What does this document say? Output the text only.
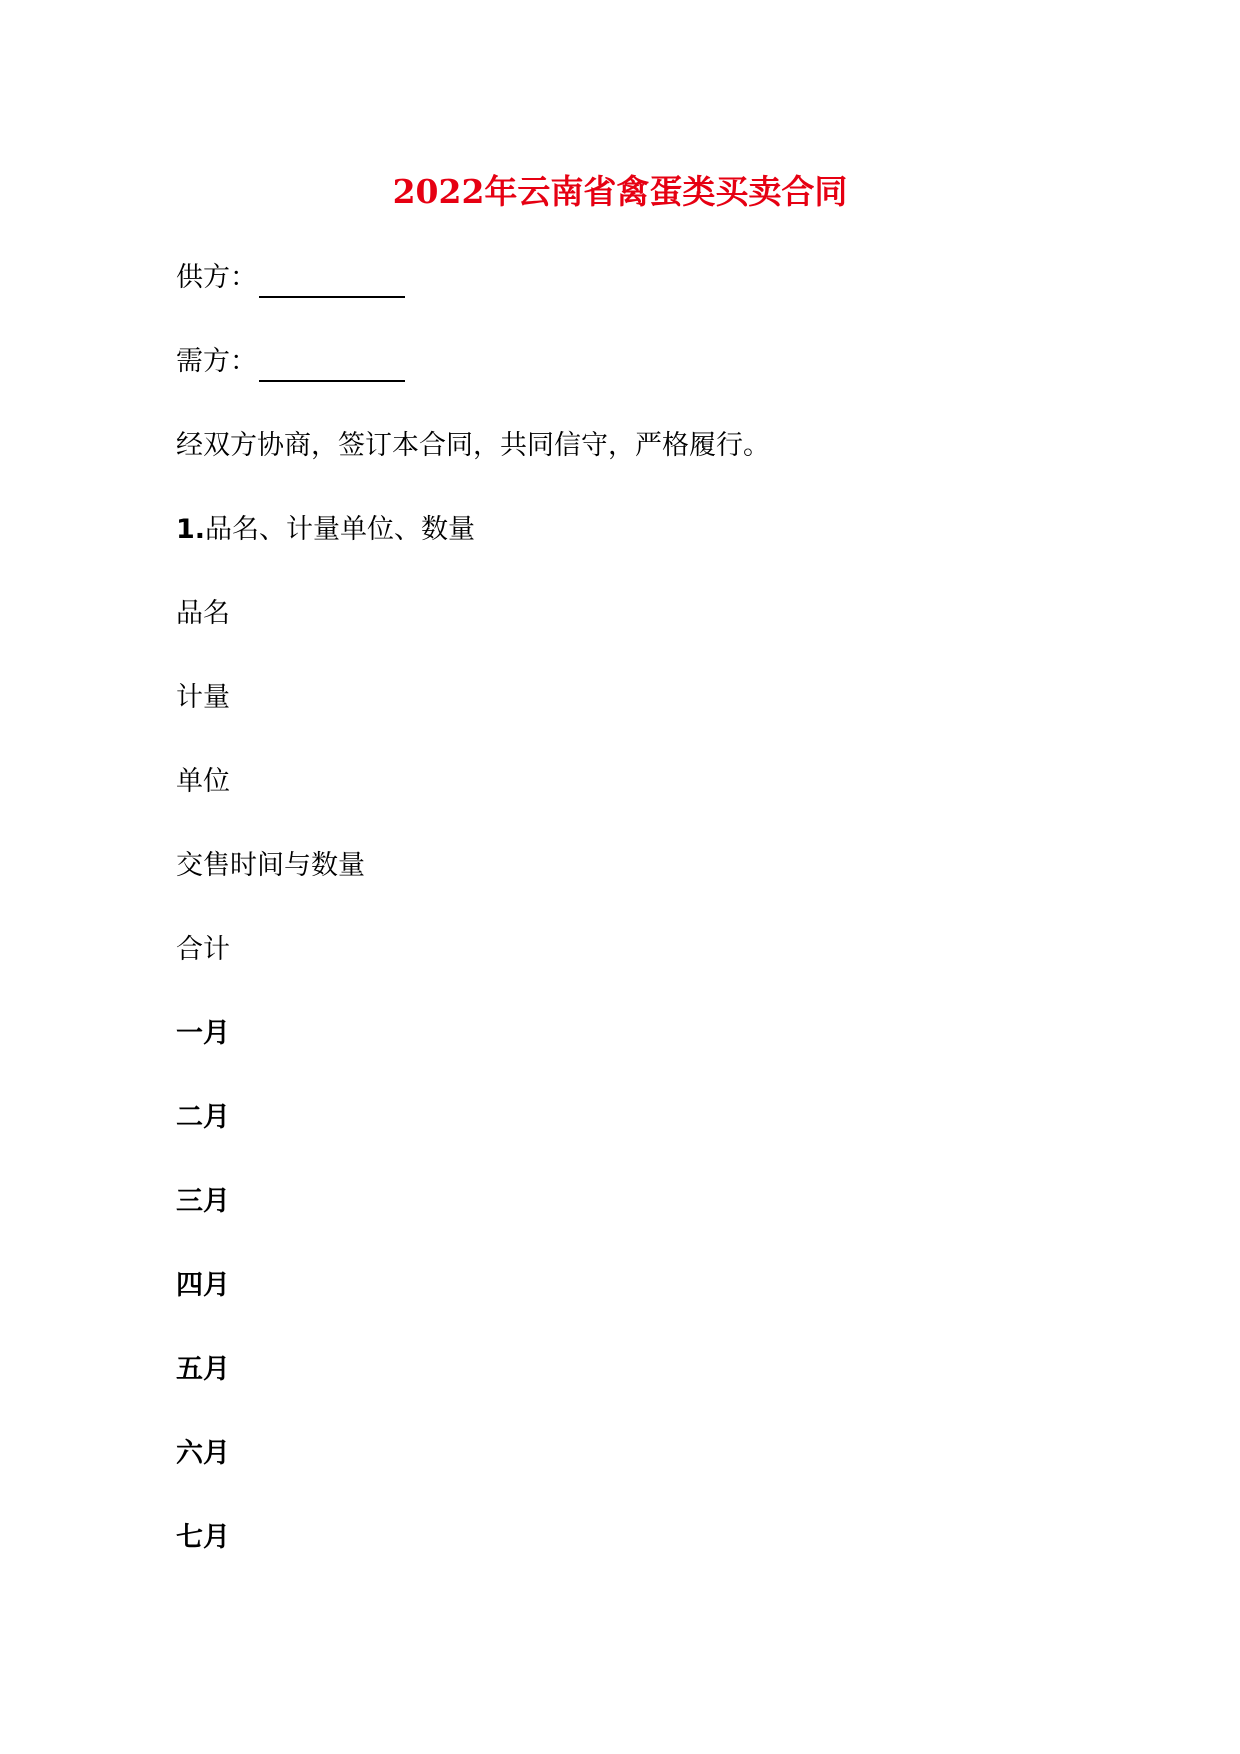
2022年云南省禽蛋类买卖合同

供方：

需方：

经双方协商，签订本合同，共同信守，严格履行。

1.品名、计量单位、数量

品名

计量

单位

交售时间与数量

合计

一月

二月

三月

四月

五月

六月

七月
